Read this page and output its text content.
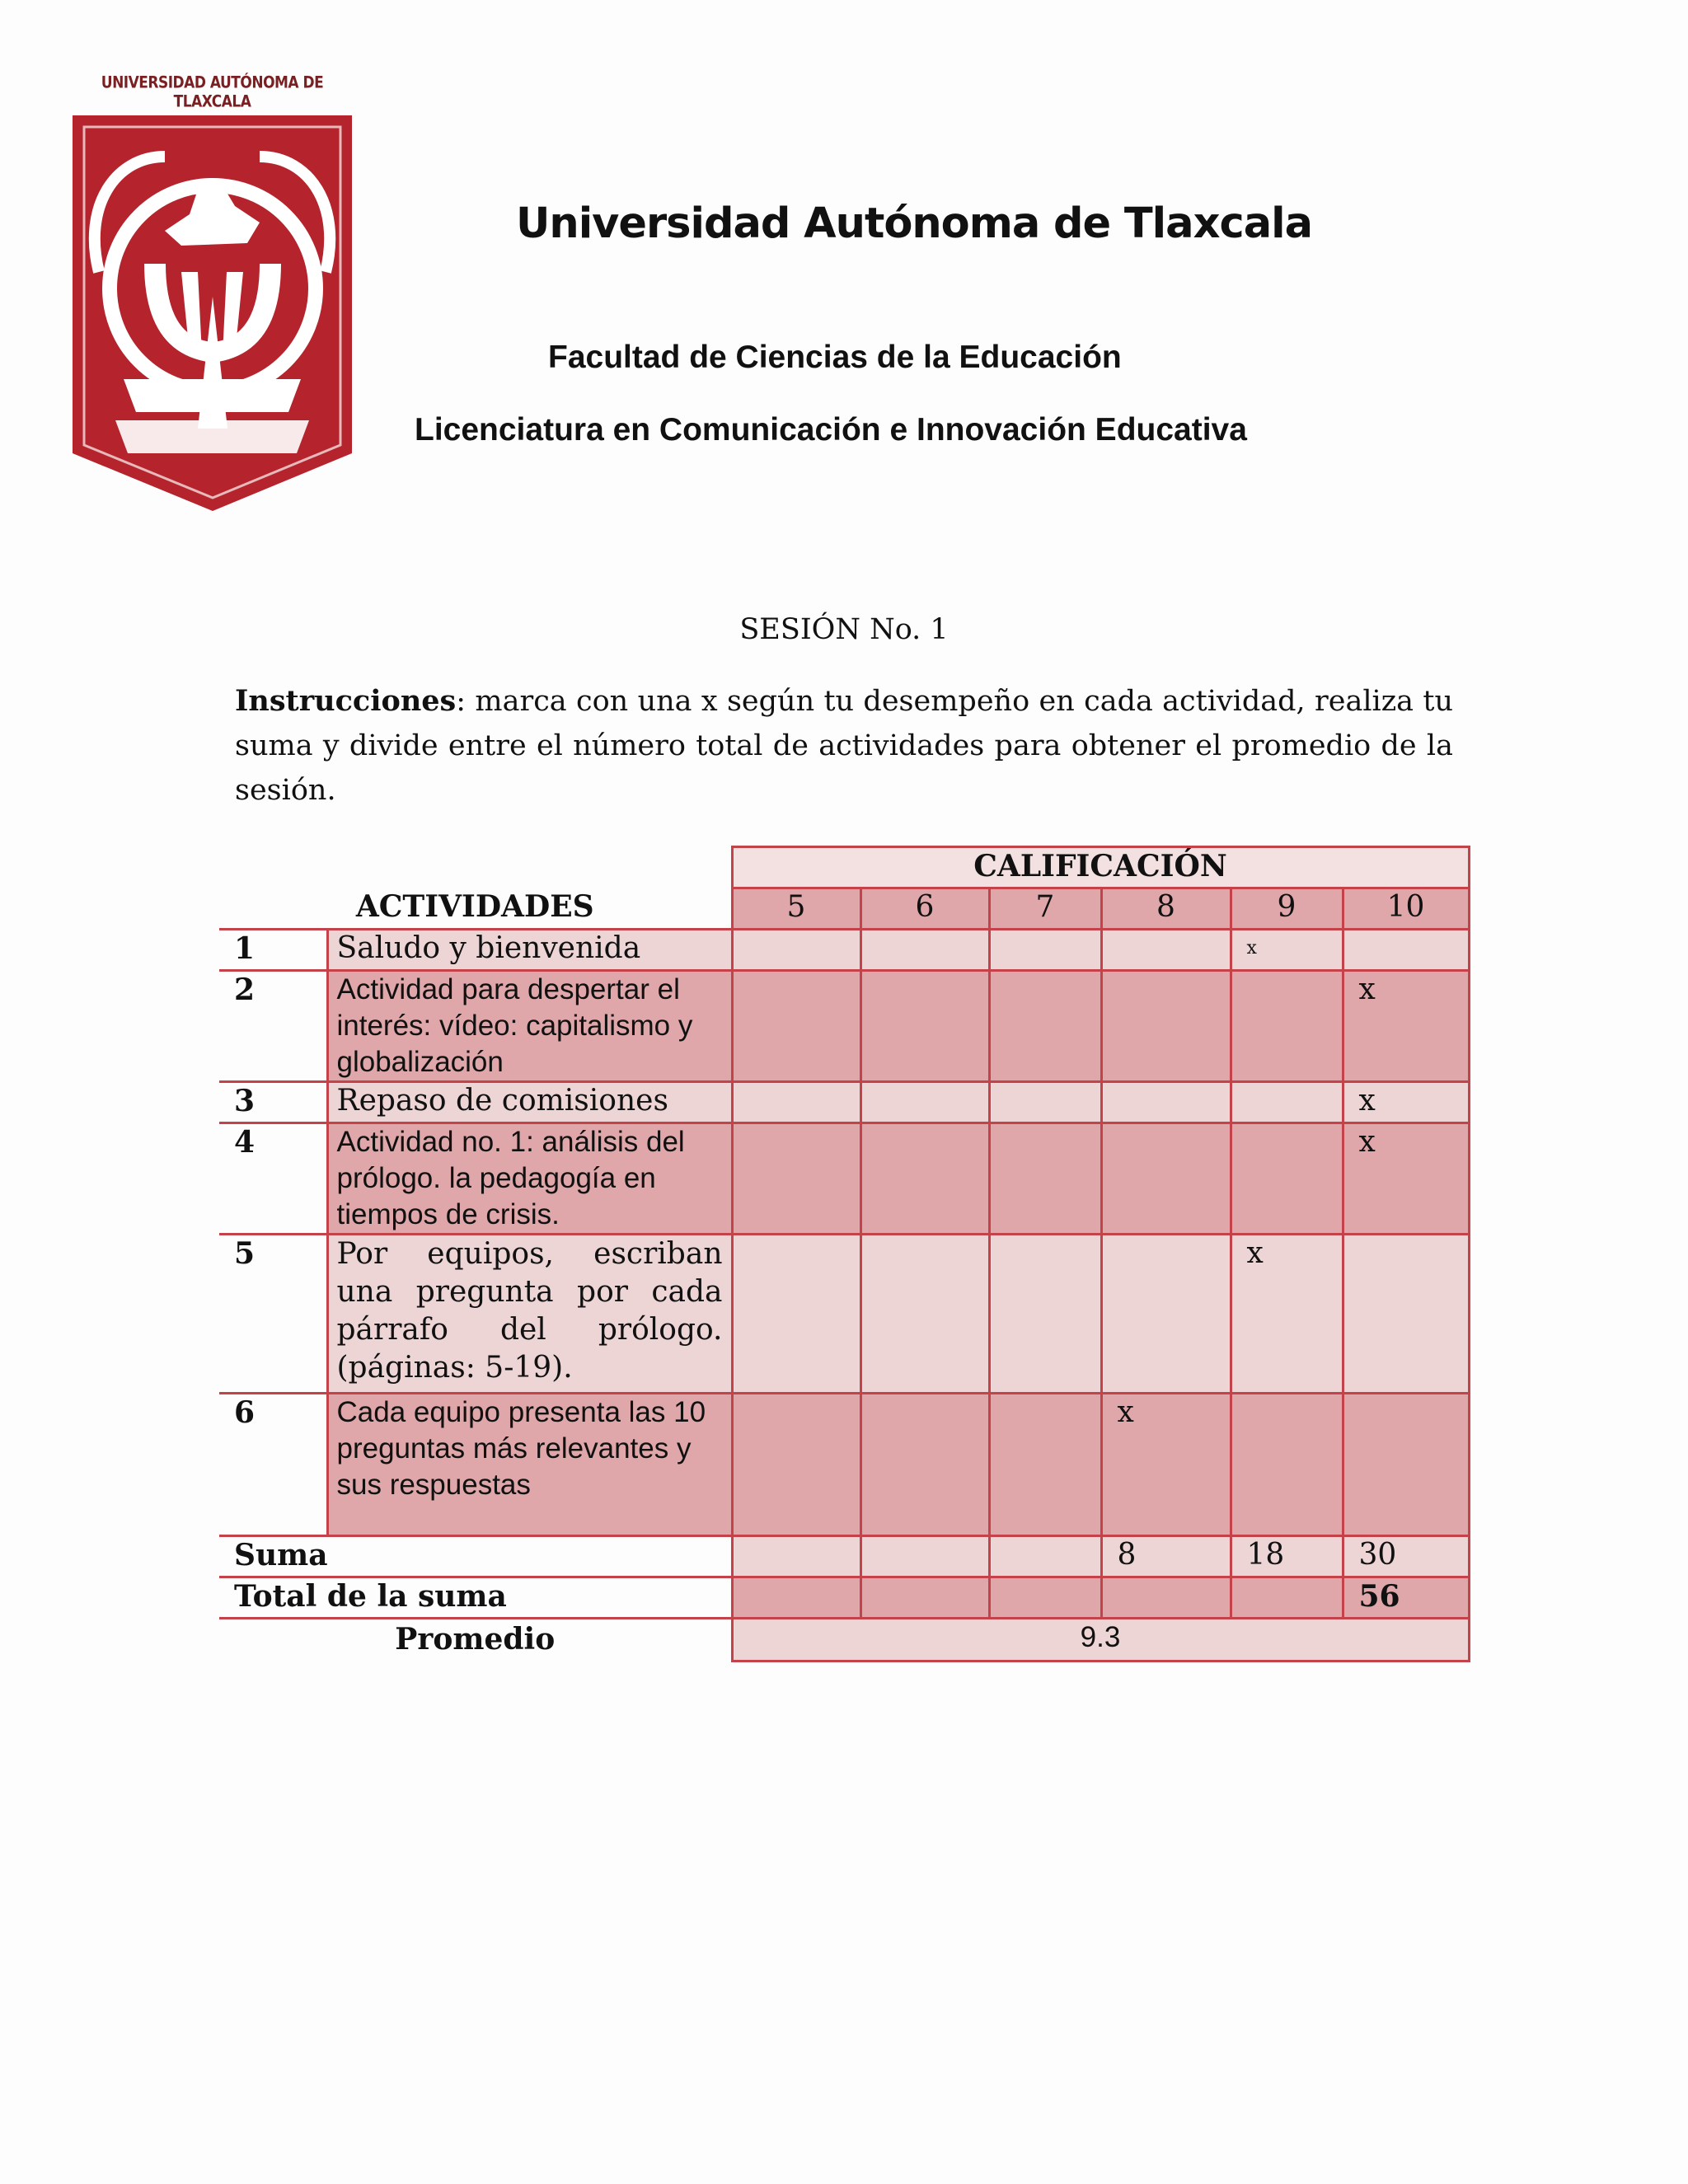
UNIVERSIDAD AUTÓNOMA DE TLAXCALA
Universidad Autónoma de Tlaxcala
Facultad de Ciencias de la Educación
Licenciatura en Comunicación e Innovación Educativa
SESIÓN No. 1
Instrucciones: marca con una x según tu desempeño en cada actividad, realiza tu suma y divide entre el número total de actividades para obtener el promedio de la sesión.
ACTIVIDADES		CALIFICACIÓN					
		5	6	7	8	9	10
1	Saludo y bienvenida					x	
2	Actividad para despertar el interés: vídeo: capitalismo y globalización						x
3	Repaso de comisiones						x
4	Actividad no. 1: análisis del prólogo. la pedagogía en tiempos de crisis.						x
5	Por equipos, escriban una pregunta por cada párrafo del prólogo. (páginas: 5-19).					x	
6	Cada equipo presenta las 10 preguntas más relevantes y sus respuestas				x		
Suma					8	18	30
Total de la suma							56

Promedio		9.3					
